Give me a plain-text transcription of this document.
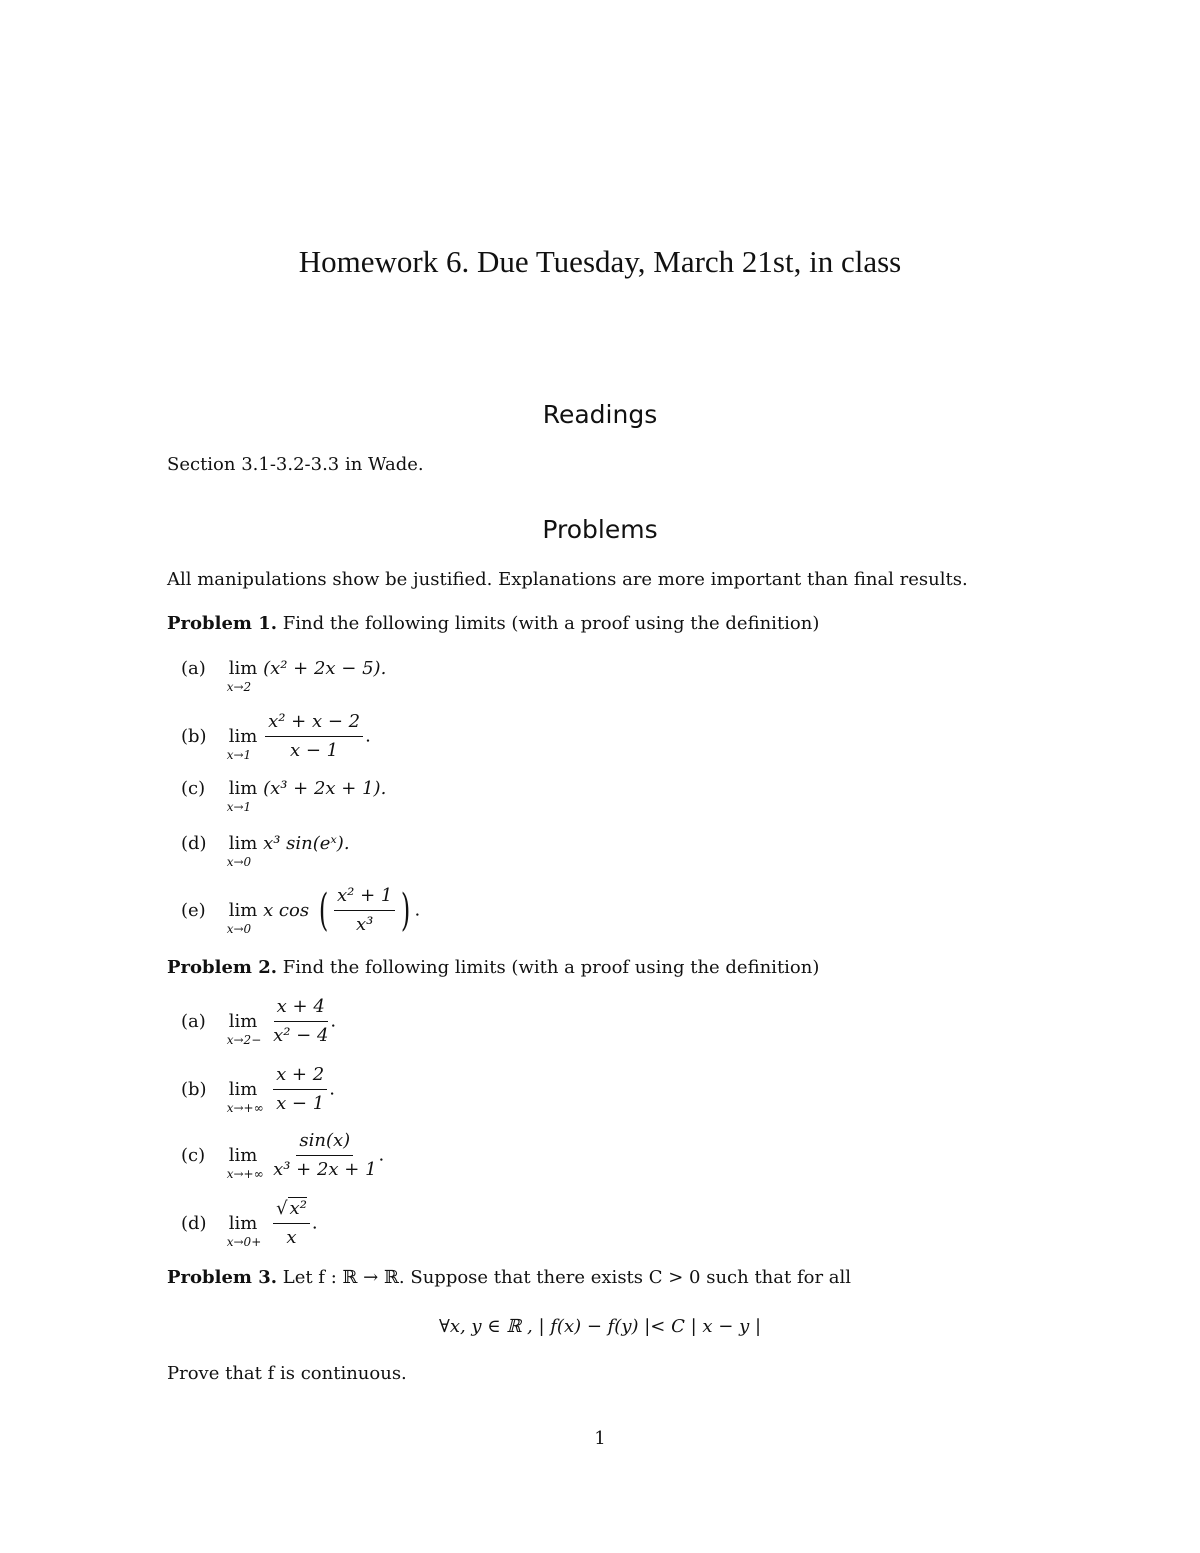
Homework 6. Due Tuesday, March 21st, in class
Readings
Section 3.1-3.2-3.3 in Wade.
Problems
All manipulations show be justified. Explanations are more important than final results.
Problem 1. Find the following limits (with a proof using the definition)
(a) lim
x→2
(x² + 2x − 5).
(b) lim
x→1
$\frac{\text{x² + x − 2}}{x - 1}$ .
(c) lim
x→1
(x³ + 2x + 1).
(d) lim
x→0
x³ sin(eˣ).
(e) lim
x→0
x cos ( $\frac{\text{x² + 1}}{\text{x³}}$ ) .
Problem 2. Find the following limits (with a proof using the definition)
(a) lim
x→2−
$\frac{x + 4}{\text{x² − 4}}$ .
(b) lim
x→+∞
$\frac{x + 2}{x - 1}$ .
(c) lim
x→+∞
$\frac{\sin(x)}{\text{x³ + 2x + 1}}$ .
(d) lim
x→0+
$\frac{\text{√ x²}}{x}$ .
Problem 3. Let f : ℝ → ℝ. Suppose that there exists C > 0 such that for all
∀x, y ∈ ℝ , | f(x) − f(y) |< C | x − y |
Prove that f is continuous.
1
